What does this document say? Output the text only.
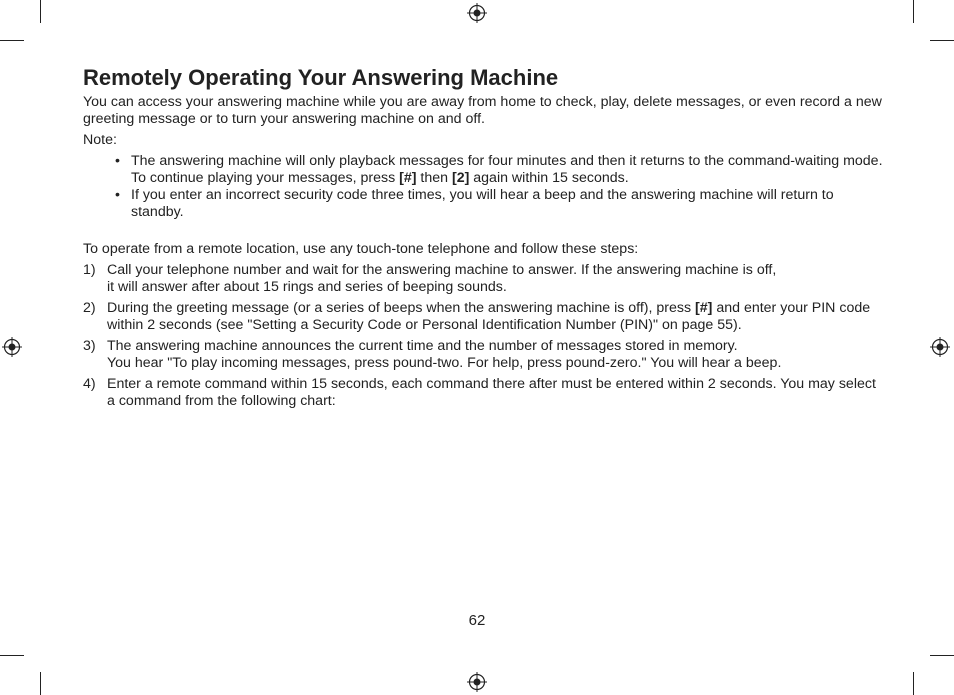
Remotely Operating Your Answering Machine

You can access your answering machine while you are away from home to check, play, delete messages, or even record a new greeting message or to turn your answering machine on and off.

Note:

• The answering machine will only playback messages for four minutes and then it returns to the command-waiting mode. To continue playing your messages, press [#] then [2] again within 15 seconds.
• If you enter an incorrect security code three times, you will hear a beep and the answering machine will return to standby.

To operate from a remote location, use any touch-tone telephone and follow these steps:

1) Call your telephone number and wait for the answering machine to answer. If the answering machine is off,
it will answer after about 15 rings and series of beeping sounds.
2) During the greeting message (or a series of beeps when the answering machine is off), press [#] and enter your PIN code within 2 seconds (see "Setting a Security Code or Personal Identification Number (PIN)" on page 55).
3) The answering machine announces the current time and the number of messages stored in memory.
You hear "To play incoming messages, press pound-two. For help, press pound-zero." You will hear a beep.
4) Enter a remote command within 15 seconds, each command there after must be entered within 2 seconds. You may select a command from the following chart:
62
